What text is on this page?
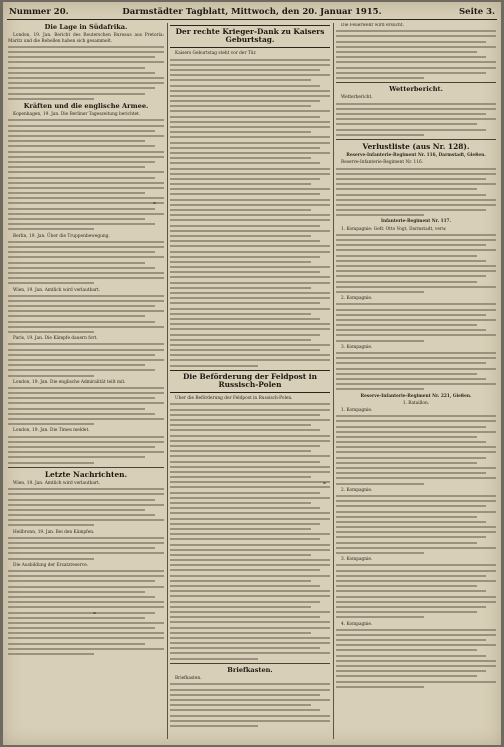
Nummer 20.	Darmstädter Tagblatt, Mittwoch, den 20. Januar 1915.	Seite 3.
Die Lage in Südafrika.

London, 19. Jan. Bericht des Reuterschen Bureaus aus Pretoria: Maritz und die Rebellen haben sich gesammelt.

Kräften und die englische Armee.

Kopenhagen, 19. Jan. Die Berliner Tageszeitung berichtet.

Berlin, 19. Jan. Über die Truppenbewegung.

Wien, 19. Jan. Amtlich wird verlautbart.

Paris, 19. Jan. Die Kämpfe dauern fort.

London, 19. Jan. Die englische Admiralität teilt mit.

London, 19. Jan. Die Times meldet.

Letzte Nachrichten.

Wien, 19. Jan. Amtlich wird verlautbart.

Heilbronn, 19. Jan. Bei den Kämpfen.

Die Ausbildung der Ersatzreserve.

Der rechte Krieger-Dank zu Kaisers Geburtstag.

Kaisers Geburtstag steht vor der Tür.

Die Beförderung der Feldpost in Russisch-Polen

Uber die Beförderung der Feldpost in Russisch-Polen.

Briefkasten.

Briefkasten.

Die Feuerwehr wird ersucht.

Wetterbericht.

Wetterbericht.

Verlustliste (aus Nr. 128).

Reserve-Infanterie-Regiment Nr. 116, Darmstadt, Gießen.

Reserve-Infanterie-Regiment Nr. 116.

Infanterie-Regiment Nr. 117.

1. Kompagnie: Gefr. Otto Vogt, Darmstadt, verw.

2. Kompagnie.

3. Kompagnie.

Reserve-Infanterie-Regiment Nr. 221, Gießen.

1. Bataillon.

1. Kompagnie.

2. Kompagnie.

3. Kompagnie.

4. Kompagnie.
